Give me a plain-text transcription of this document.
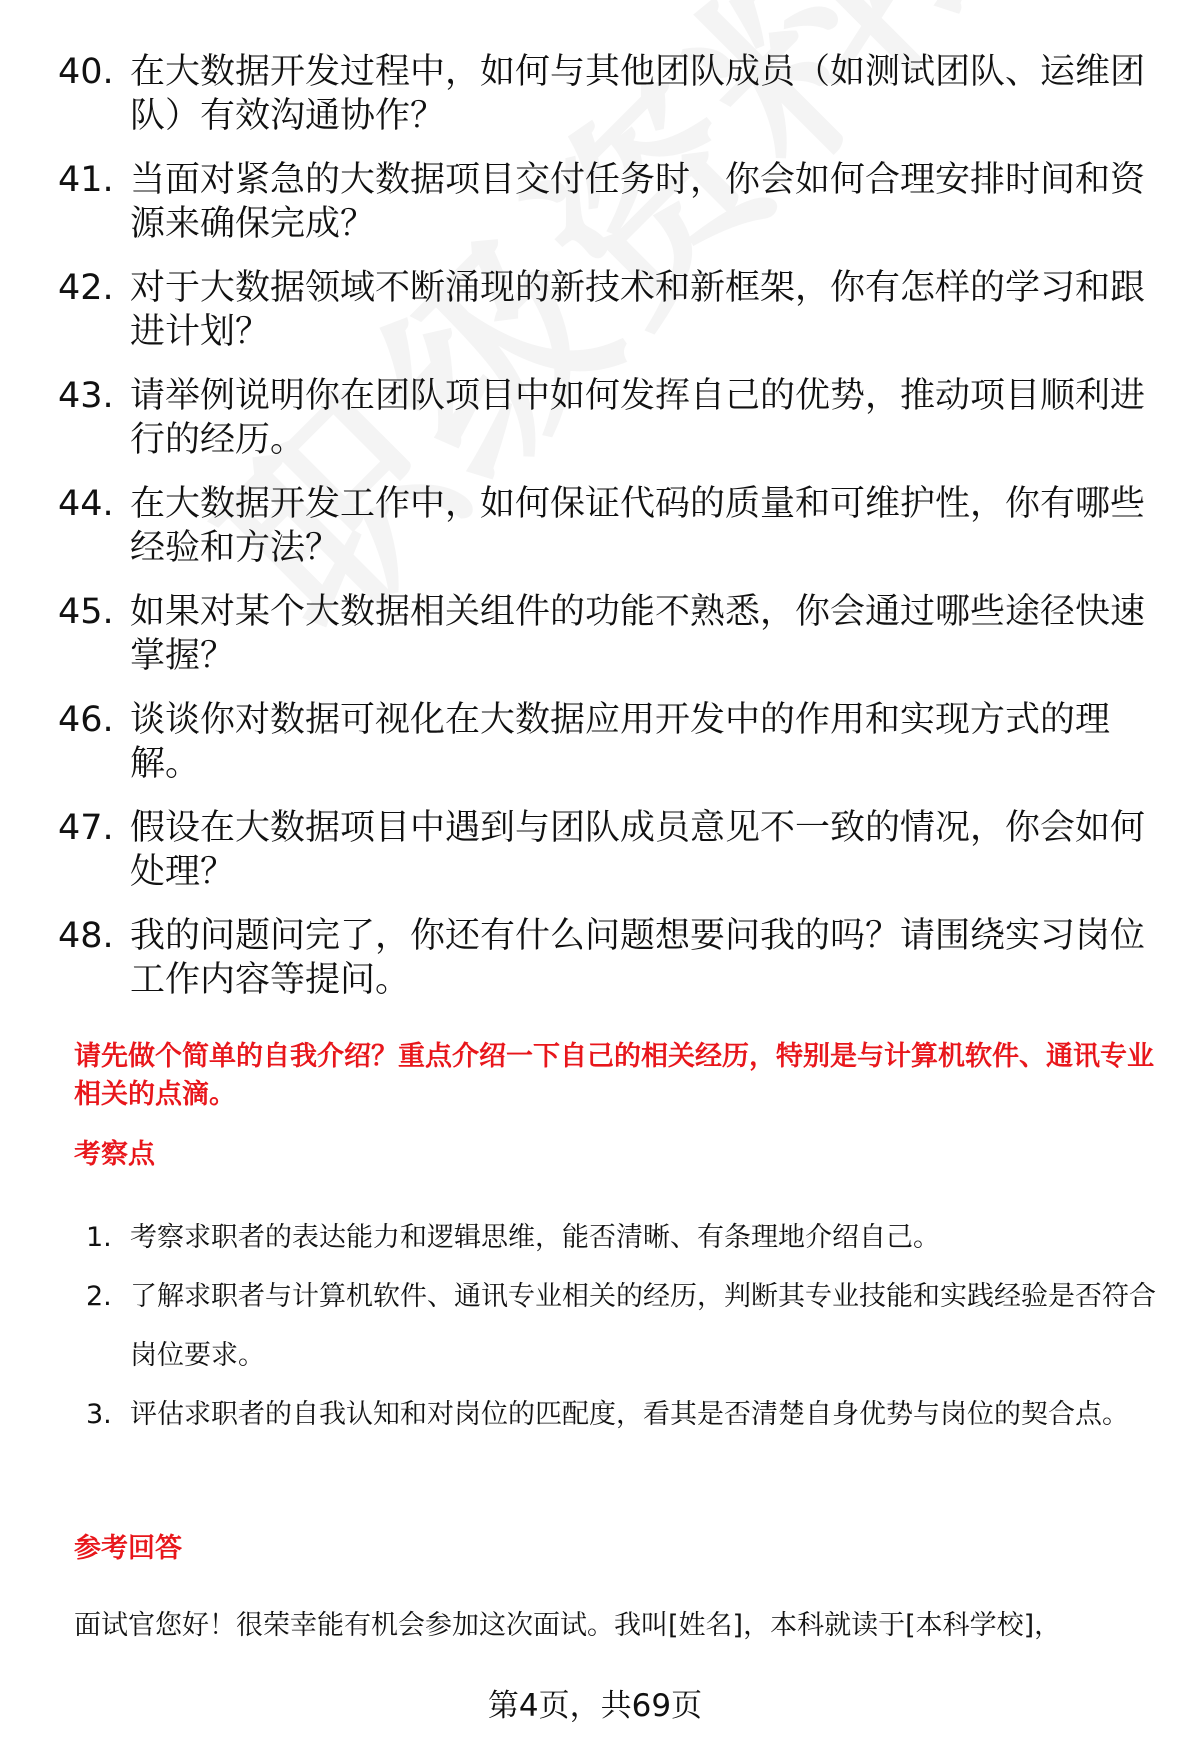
40. 在大数据开发过程中，如何与其他团队成员（如测试团队、运维团队）有效沟通协作？
41. 当面对紧急的大数据项目交付任务时，你会如何合理安排时间和资源来确保完成？
42. 对于大数据领域不断涌现的新技术和新框架，你有怎样的学习和跟进计划？
43. 请举例说明你在团队项目中如何发挥自己的优势，推动项目顺利进行的经历。
44. 在大数据开发工作中，如何保证代码的质量和可维护性，你有哪些经验和方法？
45. 如果对某个大数据相关组件的功能不熟悉，你会通过哪些途径快速掌握？
46. 谈谈你对数据可视化在大数据应用开发中的作用和实现方式的理解。
47. 假设在大数据项目中遇到与团队成员意见不一致的情况，你会如何处理？
48. 我的问题问完了，你还有什么问题想要问我的吗？请围绕实习岗位工作内容等提问。
请先做个简单的自我介绍？重点介绍一下自己的相关经历，特别是与计算机软件、通讯专业相关的点滴。
考察点
1. 考察求职者的表达能力和逻辑思维，能否清晰、有条理地介绍自己。
2. 了解求职者与计算机软件、通讯专业相关的经历，判断其专业技能和实践经验是否符合岗位要求。
3. 评估求职者的自我认知和对岗位的匹配度，看其是否清楚自身优势与岗位的契合点。
参考回答
面试官您好！很荣幸能有机会参加这次面试。我叫[姓名]，本科就读于[本科学校]，
第4页，共69页
